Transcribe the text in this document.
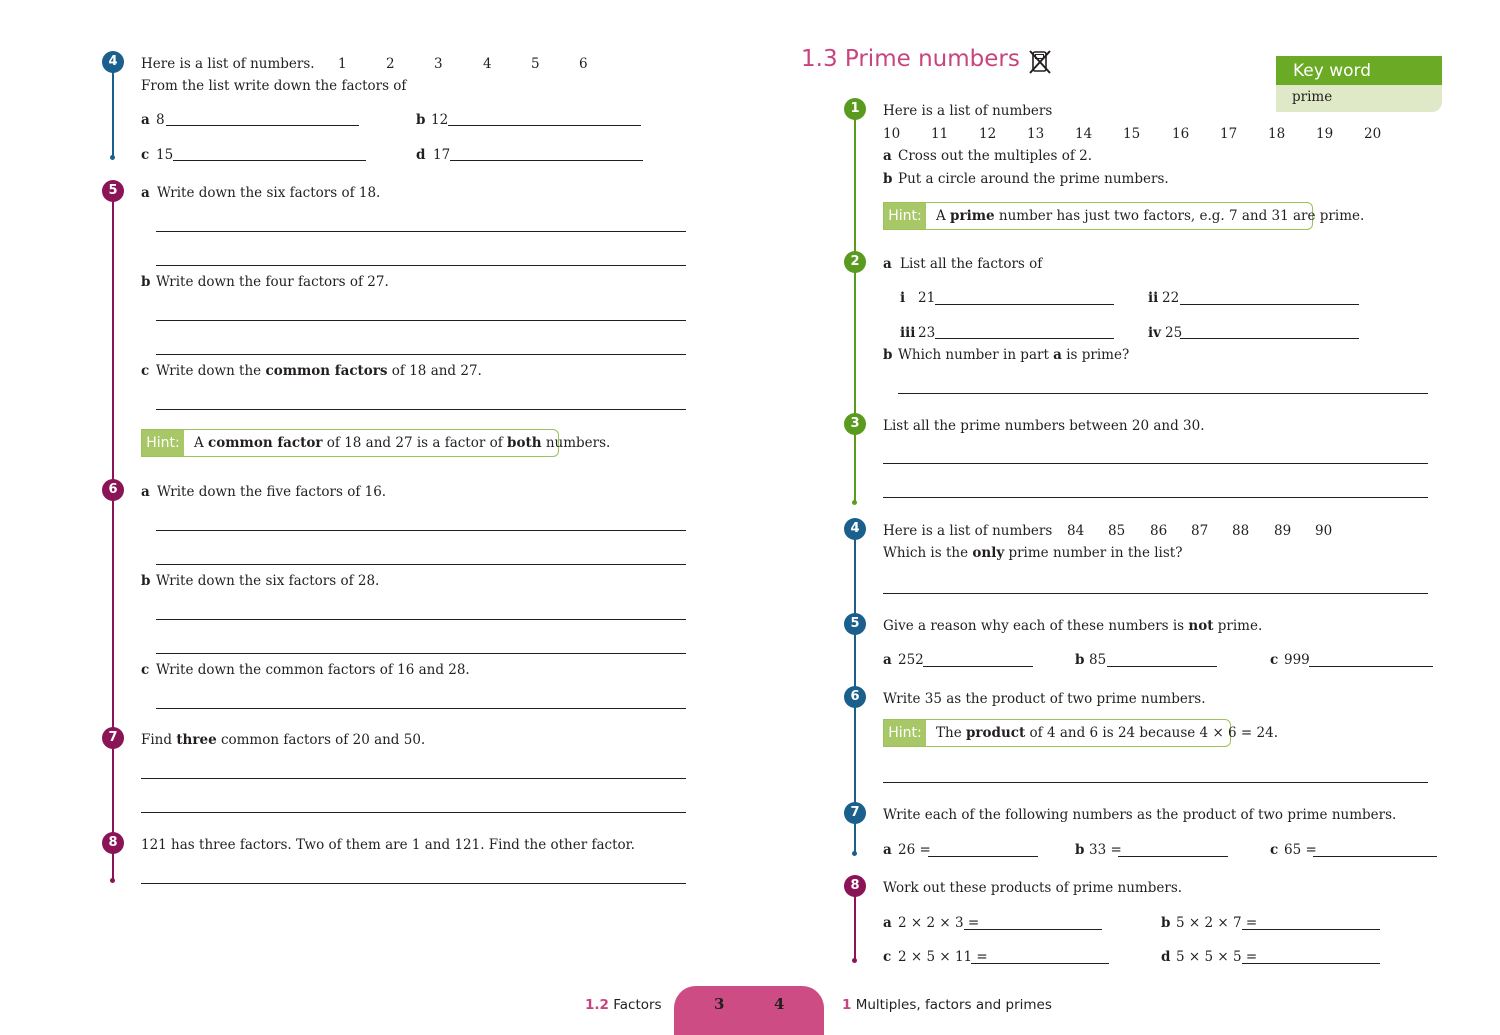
4	Here is a list of numbers. 1	2	3	4	5	6
From the list write down the factors of
a 8	b 12
c 15	d 17
5	a Write down the six factors of 18.
b Write down the four factors of 27.
c Write down the common factors of 18 and 27.
Hint:	A common factor of 18 and 27 is a factor of both numbers.
6	a Write down the five factors of 16.
b Write down the six factors of 28.
c Write down the common factors of 16 and 28.
7	Find three common factors of 20 and 50.
8	121 has three factors. Two of them are 1 and 121. Find the other factor.
1.3 Prime numbers	Key word
prime
1	Here is a list of numbers
10 11 12 13 14 15 16 17 18 19 20
a Cross out the multiples of 2.
b Put a circle around the prime numbers.
Hint:	A prime number has just two factors, e.g. 7 and 31 are prime.
2	a List all the factors of
i 21	ii 22
iii 23	iv 25
b Which number in part a is prime?
3	List all the prime numbers between 20 and 30.
4	Here is a list of numbers 84 85 86 87 88 89 90
Which is the only prime number in the list?
5	Give a reason why each of these numbers is not prime.
a 252	b 85	c 999
6	Write 35 as the product of two prime numbers.
Hint:	The product of 4 and 6 is 24 because 4 × 6 = 24.
7	Write each of the following numbers as the product of two prime numbers.
a 26 =	b 33 =	c 65 =
8	Work out these products of prime numbers.
a 2 × 2 × 3 =	b 5 × 2 × 7 =
c 2 × 5 × 11 =	d 5 × 5 × 5 =
1.2 Factors	3	4	1 Multiples, factors and primes
